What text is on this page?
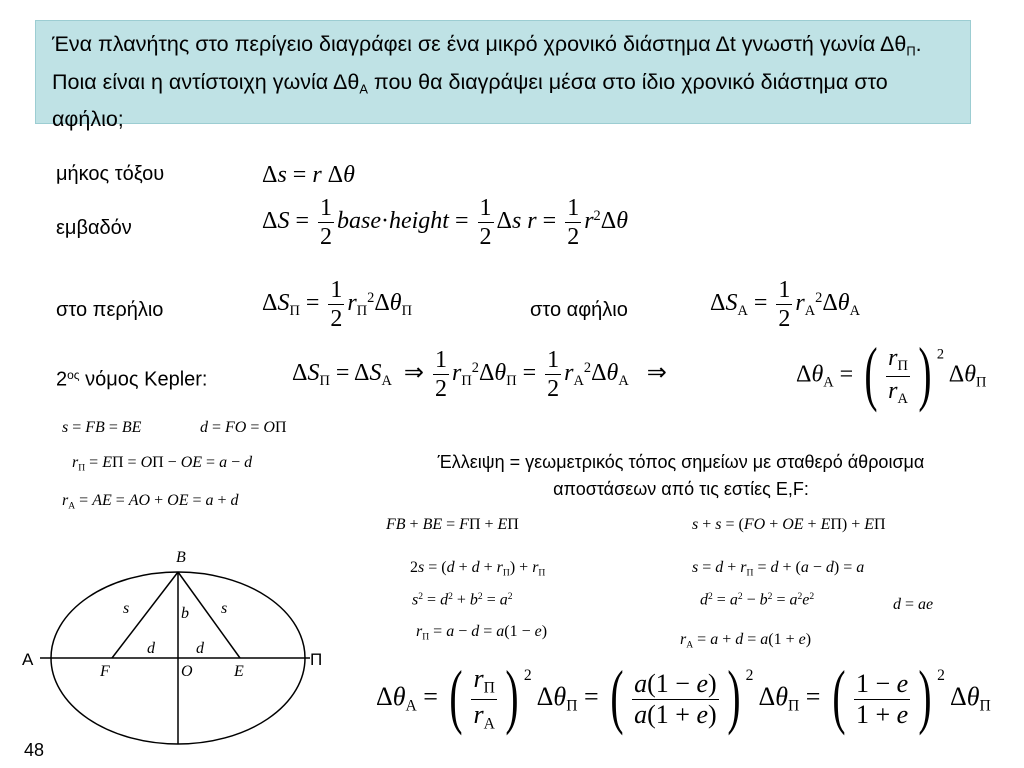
Ένα πλανήτης στο περίγειο διαγράφει σε ένα μικρό χρονικό διάστημα Δt γνωστή γωνία $\Delta\theta_\Pi$. Ποια είναι η αντίστοιχη γωνία $\Delta\theta_A$ που θα διαγράψει μέσα στο ίδιο χρονικό διάστημα στο αφήλιο;
μήκος τόξου	Δs = r Δθ
εμβαδόν	$\Delta S = \frac{1}{2}$ base·height = $\frac{1}{2}$ Δs $r = \frac{1}{2} r^2\Delta\theta$
στο περήλιο	$\Delta S_\Pi = \frac{1}{2} r_\Pi^2\Delta\theta_\Pi$	στο αφήλιο	$\Delta S_A = \frac{1}{2} r_A^2\Delta\theta_A$
$2^{o\varsigma}$ νόμος Kepler:	$\Delta S_\Pi = \Delta S_A$  ⇒ $\frac{1}{2} r_\Pi^2\Delta\theta_\Pi = \frac{1}{2} r_A^2\Delta\theta_A$   ⇒	$\Delta\theta_A$ = ( $\frac{r_\Pi}{r_A}$ ) $^2$ $\Delta\theta_\Pi$
s = FB = BE	d = FO = OΠ
$r_\Pi = E\Pi = O\Pi$ − OE = a − d
$r_A$ = AE = AO + OE = a + d
Έλλειψη = γεωμετρικός τόπος σημείων με σταθερό άθροισμα
αποστάσεων από τις εστίες Ε,F:
FB + BE = FΠ + EΠ	s + s = (FO + OE + EΠ) + EΠ
$2s = (d + d + r_\Pi) + r_\Pi$	$s = d + r_\Pi = d + (a - d) = a$
$s^2 = d^2 + b^2 = a^2$	$d^2 = a^2 - b^2 = a^2e^2$	d = ae
$r_\Pi = a - d = a(1 - e)$	$r_A = a + d = a(1 + e)$
$\Delta\theta_A$ = ( $\frac{r_\Pi}{r_A}$ ) $^2$ $\Delta\theta_\Pi$ = ( $\frac{a(1 - e)}{a(1 + e)}$ ) $^2$ $\Delta\theta_\Pi$ = ( $\frac{1 - e}{1 + e}$ ) $^2$ $\Delta\theta_\Pi$
B
A	Π
F	O	E
s	s
b
d	d
48
